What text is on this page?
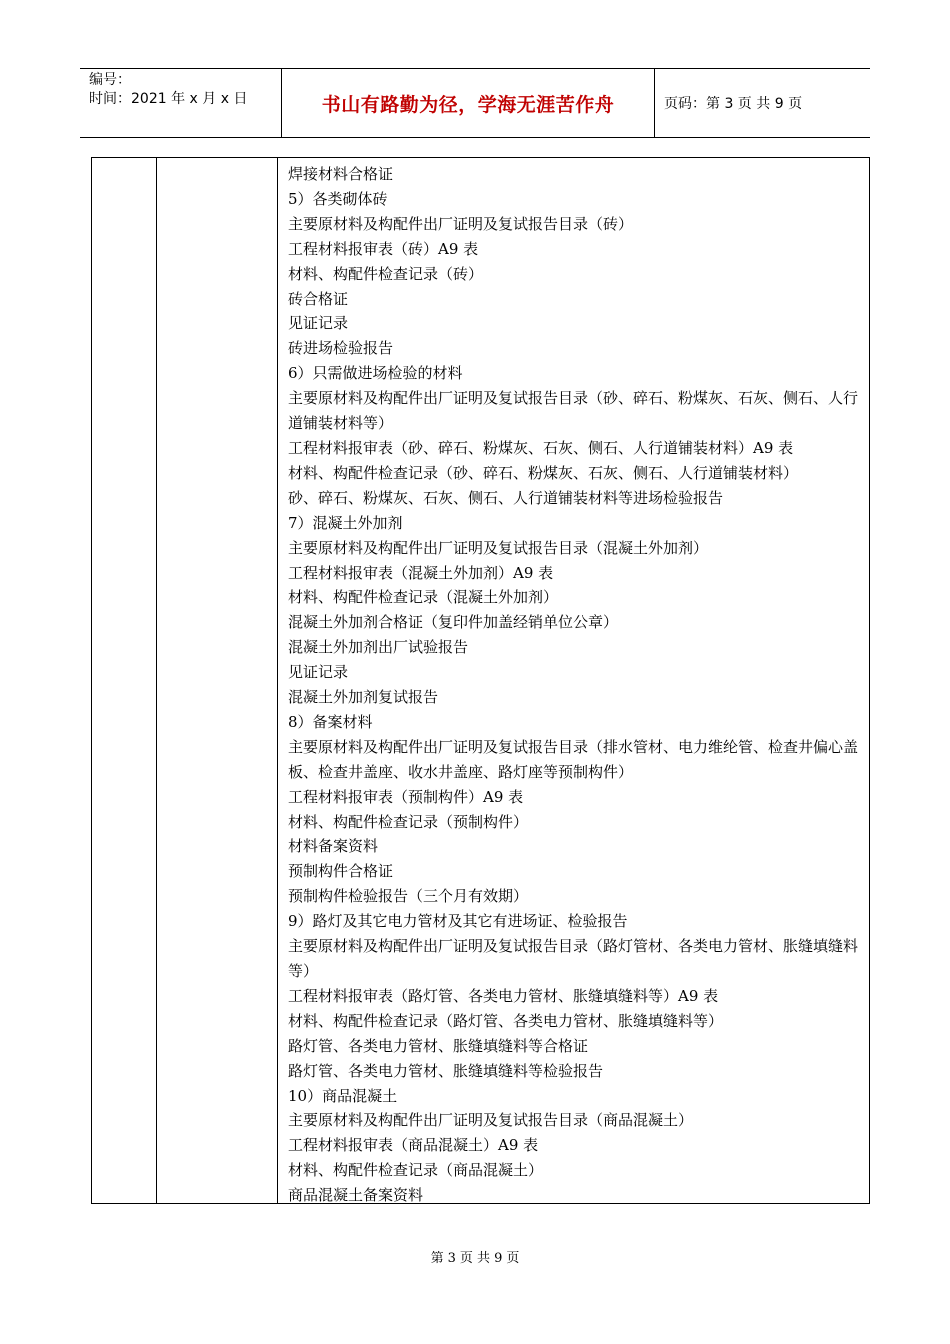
编号：
时间：2021 年 x 月 x 日	书山有路勤为径，学海无涯苦作舟	页码：第 3 页 共 9 页
焊接材料合格证
5）各类砌体砖
主要原材料及构配件出厂证明及复试报告目录（砖）
工程材料报审表（砖）A9 表
材料、构配件检查记录（砖）
砖合格证
见证记录
砖进场检验报告
6）只需做进场检验的材料
主要原材料及构配件出厂证明及复试报告目录（砂、碎石、粉煤灰、石灰、侧石、人行道铺装材料等）
工程材料报审表（砂、碎石、粉煤灰、石灰、侧石、人行道铺装材料）A9 表
材料、构配件检查记录（砂、碎石、粉煤灰、石灰、侧石、人行道铺装材料）
砂、碎石、粉煤灰、石灰、侧石、人行道铺装材料等进场检验报告
7）混凝土外加剂
主要原材料及构配件出厂证明及复试报告目录（混凝土外加剂）
工程材料报审表（混凝土外加剂）A9 表
材料、构配件检查记录（混凝土外加剂）
混凝土外加剂合格证（复印件加盖经销单位公章）
混凝土外加剂出厂试验报告
见证记录
混凝土外加剂复试报告
8）备案材料
主要原材料及构配件出厂证明及复试报告目录（排水管材、电力维纶管、检查井偏心盖板、检查井盖座、收水井盖座、路灯座等预制构件）
工程材料报审表（预制构件）A9 表
材料、构配件检查记录（预制构件）
材料备案资料
预制构件合格证
预制构件检验报告（三个月有效期）
9）路灯及其它电力管材及其它有进场证、检验报告
主要原材料及构配件出厂证明及复试报告目录（路灯管材、各类电力管材、胀缝填缝料等）
工程材料报审表（路灯管、各类电力管材、胀缝填缝料等）A9 表
材料、构配件检查记录（路灯管、各类电力管材、胀缝填缝料等）
路灯管、各类电力管材、胀缝填缝料等合格证
路灯管、各类电力管材、胀缝填缝料等检验报告
10）商品混凝土
主要原材料及构配件出厂证明及复试报告目录（商品混凝土）
工程材料报审表（商品混凝土）A9 表
材料、构配件检查记录（商品混凝土）
商品混凝土备案资料
第 3 页 共 9 页
